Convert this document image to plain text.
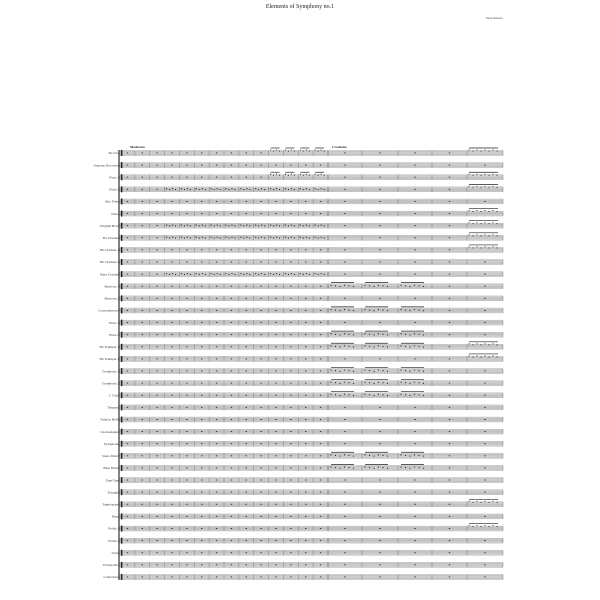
Elements of Symphony no.1
Sean Monro
Moderato	Crochetto
Piccolo
Soprano Recorder
Flute 1
Flute 2
Alto Flute
Oboe
English Horn
Eb Clarinet
Bb Clarinet 1
Bb Clarinet 2
Bass Clarinet
Bassoon 1
Bassoon 2
Contrabassoon
Horn 1
Horn 2
Bb Trumpet 1
Bb Trumpet 2
Trombone 1
Trombone 2
C Tuba
Timpani
Tubular Bells
Glockenspiel
Xylophone
Snare Drum
Bass Drum
Tam-Tam
Triangle
Tambourine
Harp
Violin 1
Violin 2
Viola
Violoncello
Contrabass
